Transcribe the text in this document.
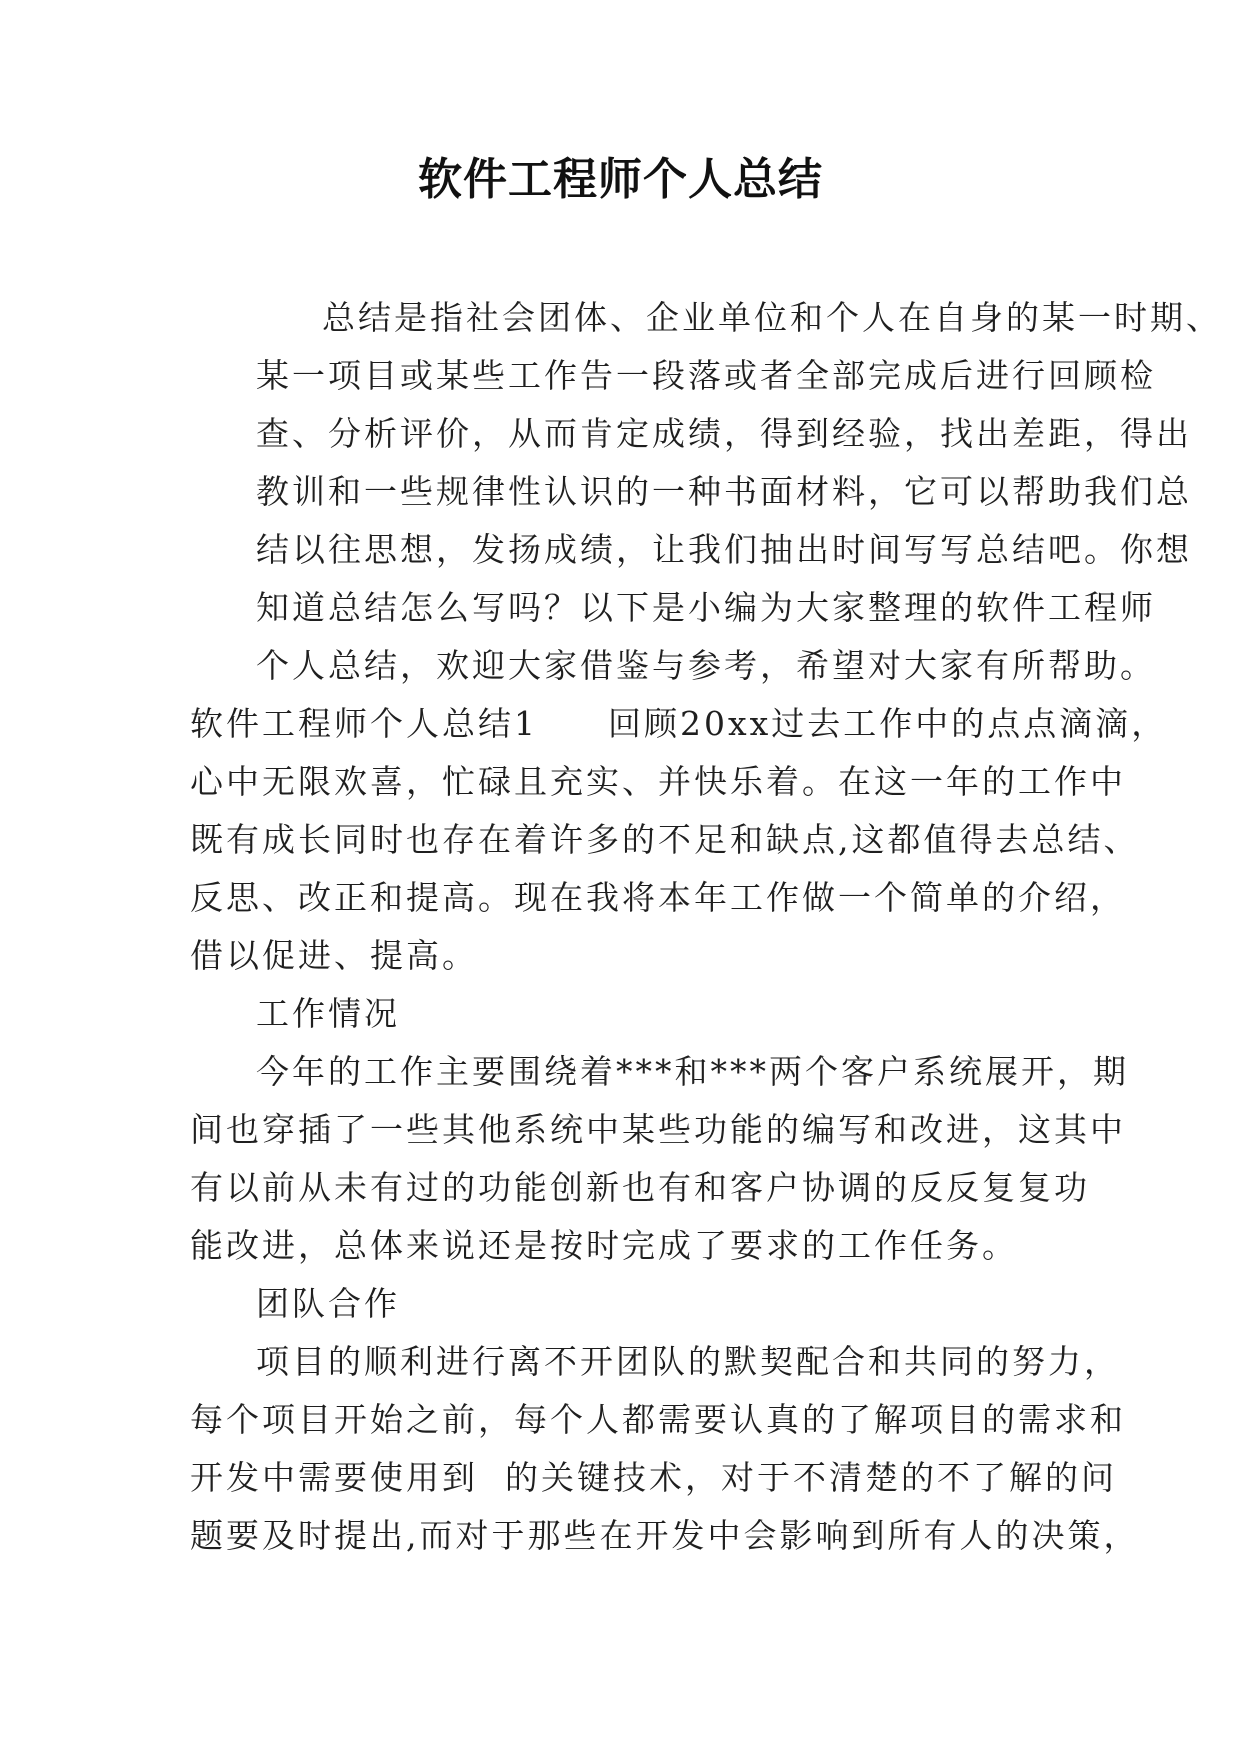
软件工程师个人总结
总结是指社会团体、企业单位和个人在自身的某一时期、
某一项目或某些工作告一段落或者全部完成后进行回顾检
查、分析评价，从而肯定成绩，得到经验，找出差距，得出
教训和一些规律性认识的一种书面材料，它可以帮助我们总
结以往思想，发扬成绩，让我们抽出时间写写总结吧。你想
知道总结怎么写吗？以下是小编为大家整理的软件工程师
个人总结，欢迎大家借鉴与参考，希望对大家有所帮助。
软件工程师个人总结1 回顾20xx过去工作中的点点滴滴，
心中无限欢喜，忙碌且充实、并快乐着。在这一年的工作中
既有成长同时也存在着许多的不足和缺点,这都值得去总结、
反思、改正和提高。现在我将本年工作做一个简单的介绍，
借以促进、提高。
工作情况
今年的工作主要围绕着***和***两个客户系统展开，期
间也穿插了一些其他系统中某些功能的编写和改进，这其中
有以前从未有过的功能创新也有和客户协调的反反复复功
能改进，总体来说还是按时完成了要求的工作任务。
团队合作
项目的顺利进行离不开团队的默契配合和共同的努力，
每个项目开始之前，每个人都需要认真的了解项目的需求和
开发中需要使用到  的关键技术，对于不清楚的不了解的问
题要及时提出,而对于那些在开发中会影响到所有人的决策，
